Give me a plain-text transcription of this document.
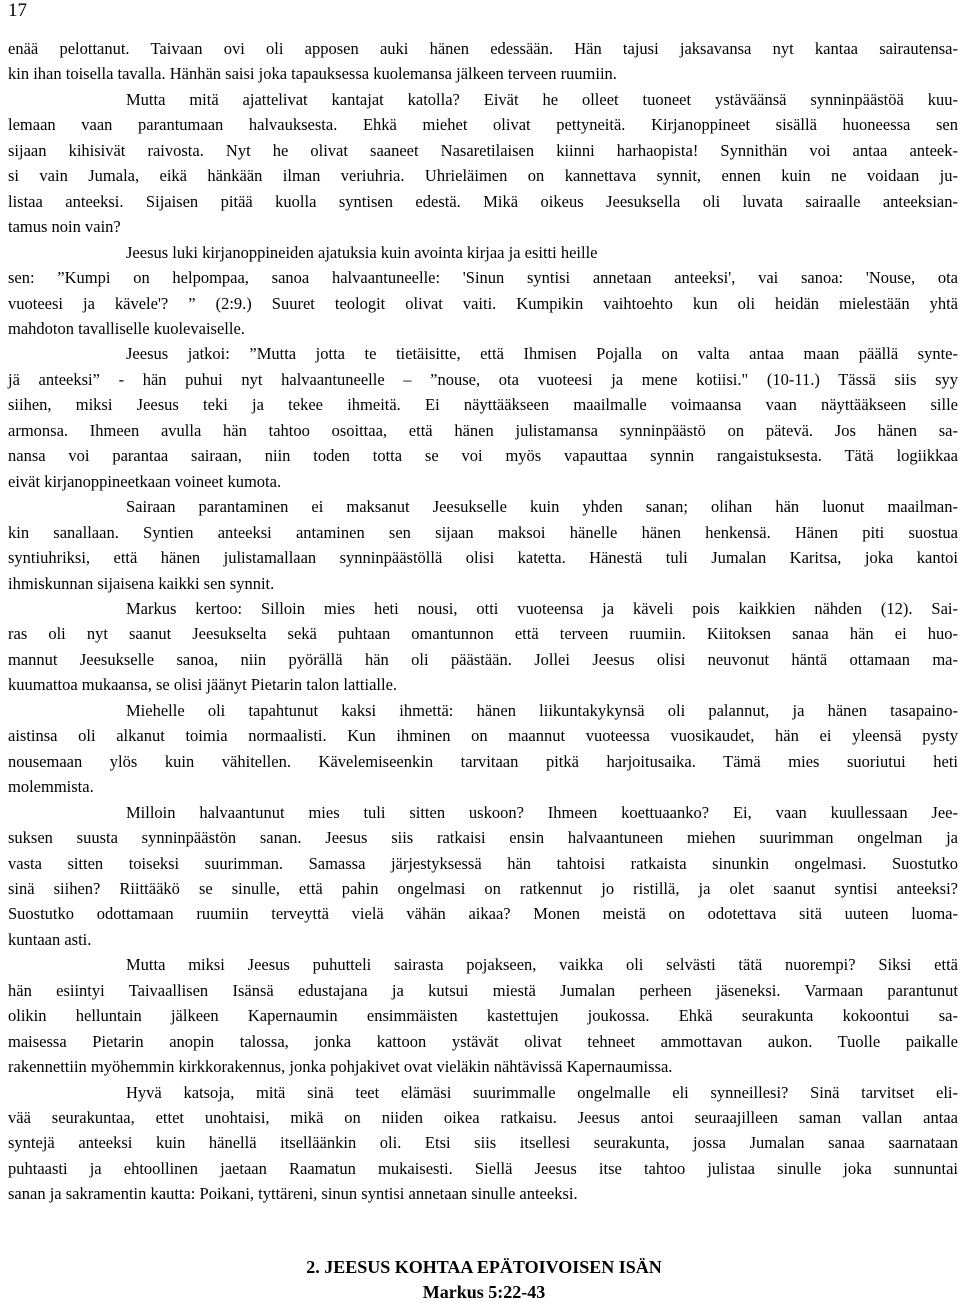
17
enää pelottanut. Taivaan ovi oli apposen auki hänen edessään. Hän tajusi jaksavansa nyt kantaa sairautensa-
kin ihan toisella tavalla. Hänhän saisi joka tapauksessa kuolemansa jälkeen terveen ruumiin.
Mutta mitä ajattelivat kantajat katolla? Eivät he olleet tuoneet ystäväänsä synninpäästöä kuu-
lemaan vaan parantumaan halvauksesta. Ehkä miehet olivat pettyneitä. Kirjanoppineet sisällä huoneessa sen
sijaan kihisivät raivosta. Nyt he olivat saaneet Nasaretilaisen kiinni harhaopista! Synnithän voi antaa anteek-
si vain Jumala, eikä hänkään ilman veriuhria. Uhrieläimen on kannettava synnit, ennen kuin ne voidaan ju-
listaa anteeksi. Sijaisen pitää kuolla syntisen edestä. Mikä oikeus Jeesuksella oli luvata sairaalle anteeksian-
tamus noin vain?
Jeesus luki kirjanoppineiden ajatuksia kuin avointa kirjaa ja esitti heille
sen: ”Kumpi on helpompaa, sanoa halvaantuneelle: 'Sinun syntisi annetaan anteeksi', vai sanoa: 'Nouse, ota
vuoteesi ja kävele'? ” (2:9.) Suuret teologit olivat vaiti. Kumpikin vaihtoehto kun oli heidän mielestään yhtä
mahdoton tavalliselle kuolevaiselle.
Jeesus jatkoi: ”Mutta jotta te tietäisitte, että Ihmisen Pojalla on valta antaa maan päällä synte-
jä anteeksi” - hän puhui nyt halvaantuneelle – ”nouse, ota vuoteesi ja mene kotiisi." (10-11.) Tässä siis syy
siihen, miksi Jeesus teki ja tekee ihmeitä. Ei näyttääkseen maailmalle voimaansa vaan näyttääkseen sille
armonsa. Ihmeen avulla hän tahtoo osoittaa, että hänen julistamansa synninpäästö on pätevä. Jos hänen sa-
nansa voi parantaa sairaan, niin toden totta se voi myös vapauttaa synnin rangaistuksesta. Tätä logiikkaa
eivät kirjanoppineetkaan voineet kumota.
Sairaan parantaminen ei maksanut Jeesukselle kuin yhden sanan; olihan hän luonut maailman-
kin sanallaan. Syntien anteeksi antaminen sen sijaan maksoi hänelle hänen henkensä. Hänen piti suostua
syntiuhriksi, että hänen julistamallaan synninpäästöllä olisi katetta. Hänestä tuli Jumalan Karitsa, joka kantoi
ihmiskunnan sijaisena kaikki sen synnit.
Markus kertoo: Silloin mies heti nousi, otti vuoteensa ja käveli pois kaikkien nähden (12). Sai-
ras oli nyt saanut Jeesukselta sekä puhtaan omantunnon että terveen ruumiin. Kiitoksen sanaa hän ei huo-
mannut Jeesukselle sanoa, niin pyörällä hän oli päästään. Jollei Jeesus olisi neuvonut häntä ottamaan ma-
kuumattoa mukaansa, se olisi jäänyt Pietarin talon lattialle.
Miehelle oli tapahtunut kaksi ihmettä: hänen liikuntakykynsä oli palannut, ja hänen tasapaino-
aistinsa oli alkanut toimia normaalisti. Kun ihminen on maannut vuoteessa vuosikaudet, hän ei yleensä pysty
nousemaan ylös kuin vähitellen. Kävelemiseenkin tarvitaan pitkä harjoitusaika. Tämä mies suoriutui heti
molemmista.
Milloin halvaantunut mies tuli sitten uskoon? Ihmeen koettuaanko? Ei, vaan kuullessaan Jee-
suksen suusta synninpäästön sanan. Jeesus siis ratkaisi ensin halvaantuneen miehen suurimman ongelman ja
vasta sitten toiseksi suurimman. Samassa järjestyksessä hän tahtoisi ratkaista sinunkin ongelmasi. Suostutko
sinä siihen? Riittääkö se sinulle, että pahin ongelmasi on ratkennut jo ristillä, ja olet saanut syntisi anteeksi?
Suostutko odottamaan ruumiin terveyttä vielä vähän aikaa? Monen meistä on odotettava sitä uuteen luoma-
kuntaan asti.
Mutta miksi Jeesus puhutteli sairasta pojakseen, vaikka oli selvästi tätä nuorempi? Siksi että
hän esiintyi Taivaallisen Isänsä edustajana ja kutsui miestä Jumalan perheen jäseneksi. Varmaan parantunut
olikin helluntain jälkeen Kapernaumin ensimmäisten kastettujen joukossa. Ehkä seurakunta kokoontui sa-
maisessa Pietarin anopin talossa, jonka kattoon ystävät olivat tehneet ammottavan aukon. Tuolle paikalle
rakennettiin myöhemmin kirkkorakennus, jonka pohjakivet ovat vieläkin nähtävissä Kapernaumissa.
Hyvä katsoja, mitä sinä teet elämäsi suurimmalle ongelmalle eli synneillesi? Sinä tarvitset eli-
vää seurakuntaa, ettet unohtaisi, mikä on niiden oikea ratkaisu. Jeesus antoi seuraajilleen saman vallan antaa
syntejä anteeksi kuin hänellä itselläänkin oli. Etsi siis itsellesi seurakunta, jossa Jumalan sanaa saarnataan
puhtaasti ja ehtoollinen jaetaan Raamatun mukaisesti. Siellä Jeesus itse tahtoo julistaa sinulle joka sunnuntai
sanan ja sakramentin kautta: Poikani, tyttäreni, sinun syntisi annetaan sinulle anteeksi.
2. JEESUS KOHTAA EPÄTOIVOISEN ISÄN
Markus 5:22-43
